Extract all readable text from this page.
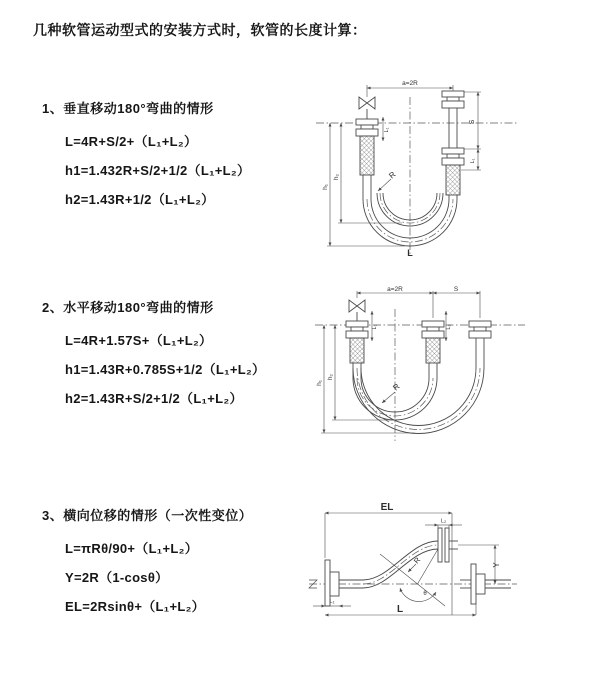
几种软管运动型式的安装方式时，软管的长度计算：
1、垂直移动180°弯曲的情形
L=4R+S/2+（L₁+L₂）
h1=1.432R+S/2+1/2（L₁+L₂）
h2=1.43R+1/2（L₁+L₂）
2、水平移动180°弯曲的情形
L=4R+1.57S+（L₁+L₂）
h1=1.43R+0.785S+1/2（L₁+L₂）
h2=1.43R+S/2+1/2（L₁+L₂）
3、横向位移的情形（一次性变位）
L=πRθ/90+（L₁+L₂）
Y=2R（1-cosθ）
EL=2Rsinθ+（L₁+L₂）
a=2R
S
L₁
L₁
h₁
h₂	R
L
a=2R	S
h₁
h₂
L₁	L₂
R
EL
L₂
Y
R
θ
L
L₁
